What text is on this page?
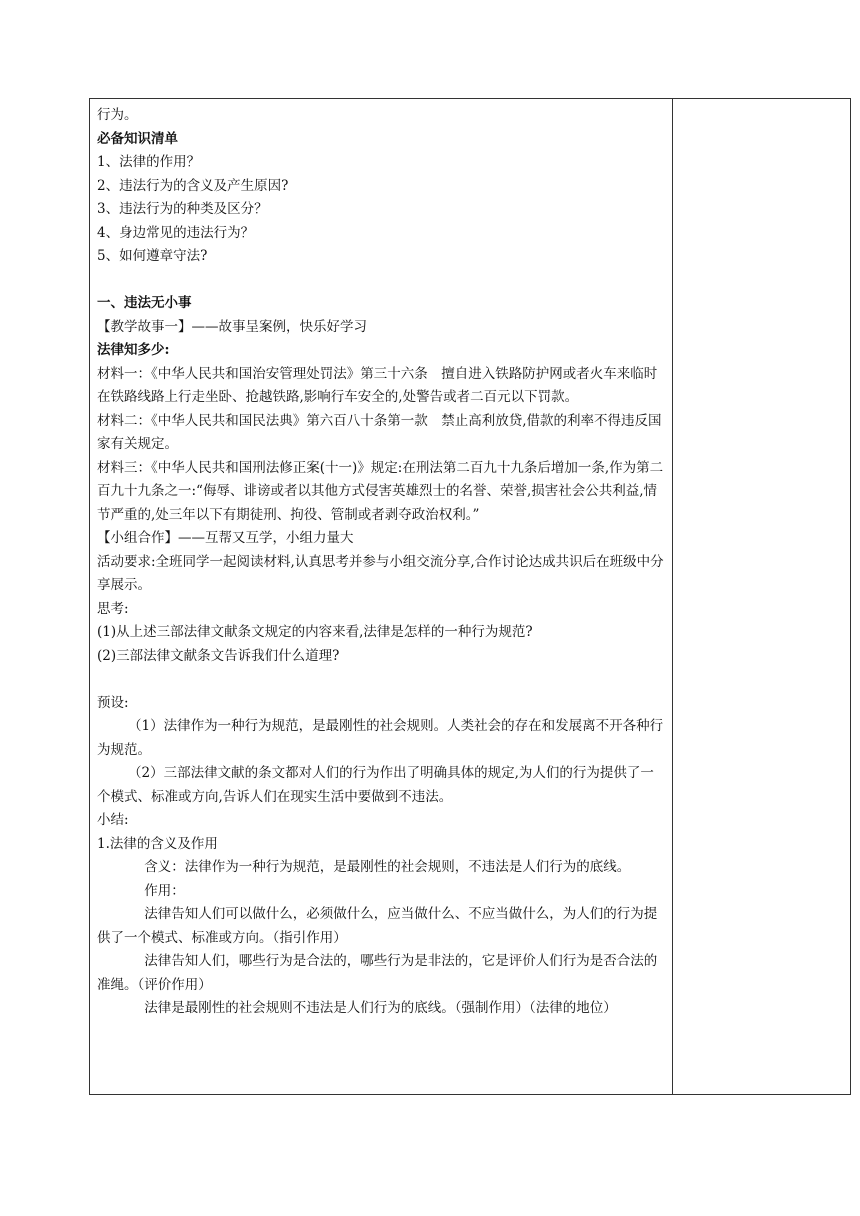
行为。

必备知识清单

1、法律的作用？

2、违法行为的含义及产生原因?

3、违法行为的种类及区分？

4、身边常见的违法行为？

5、如何遵章守法?

一、违法无小事

【教学故事一】——故事呈案例，快乐好学习

法律知多少:

材料一：《中华人民共和国治安管理处罚法》第三十六条　擅自进入铁路防护网或者火车来临时在铁路线路上行走坐卧、抢越铁路,影响行车安全的,处警告或者二百元以下罚款。

材料二：《中华人民共和国民法典》第六百八十条第一款　禁止高利放贷,借款的利率不得违反国家有关规定。

材料三：《中华人民共和国刑法修正案(十一)》规定:在刑法第二百九十九条后增加一条,作为第二百九十九条之一:“侮辱、诽谤或者以其他方式侵害英雄烈士的名誉、荣誉,损害社会公共利益,情节严重的,处三年以下有期徒刑、拘役、管制或者剥夺政治权利。”

【小组合作】——互帮又互学，小组力量大

活动要求:全班同学一起阅读材料,认真思考并参与小组交流分享,合作讨论达成共识后在班级中分享展示。

思考:

(1)从上述三部法律文献条文规定的内容来看,法律是怎样的一种行为规范?

(2)三部法律文献条文告诉我们什么道理?

预设:

（1）法律作为一种行为规范，是最刚性的社会规则。人类社会的存在和发展离不开各种行为规范。

（2）三部法律文献的条文都对人们的行为作出了明确具体的规定,为人们的行为提供了一个模式、标准或方向,告诉人们在现实生活中要做到不违法。

小结:

1.法律的含义及作用

含义：法律作为一种行为规范，是最刚性的社会规则，不违法是人们行为的底线。

作用：

法律告知人们可以做什么，必须做什么，应当做什么、不应当做什么，为人们的行为提供了一个模式、标准或方向。（指引作用）

法律告知人们，哪些行为是合法的，哪些行为是非法的，它是评价人们行为是否合法的准绳。（评价作用）

法律是最刚性的社会规则不违法是人们行为的底线。（强制作用）（法律的地位）
